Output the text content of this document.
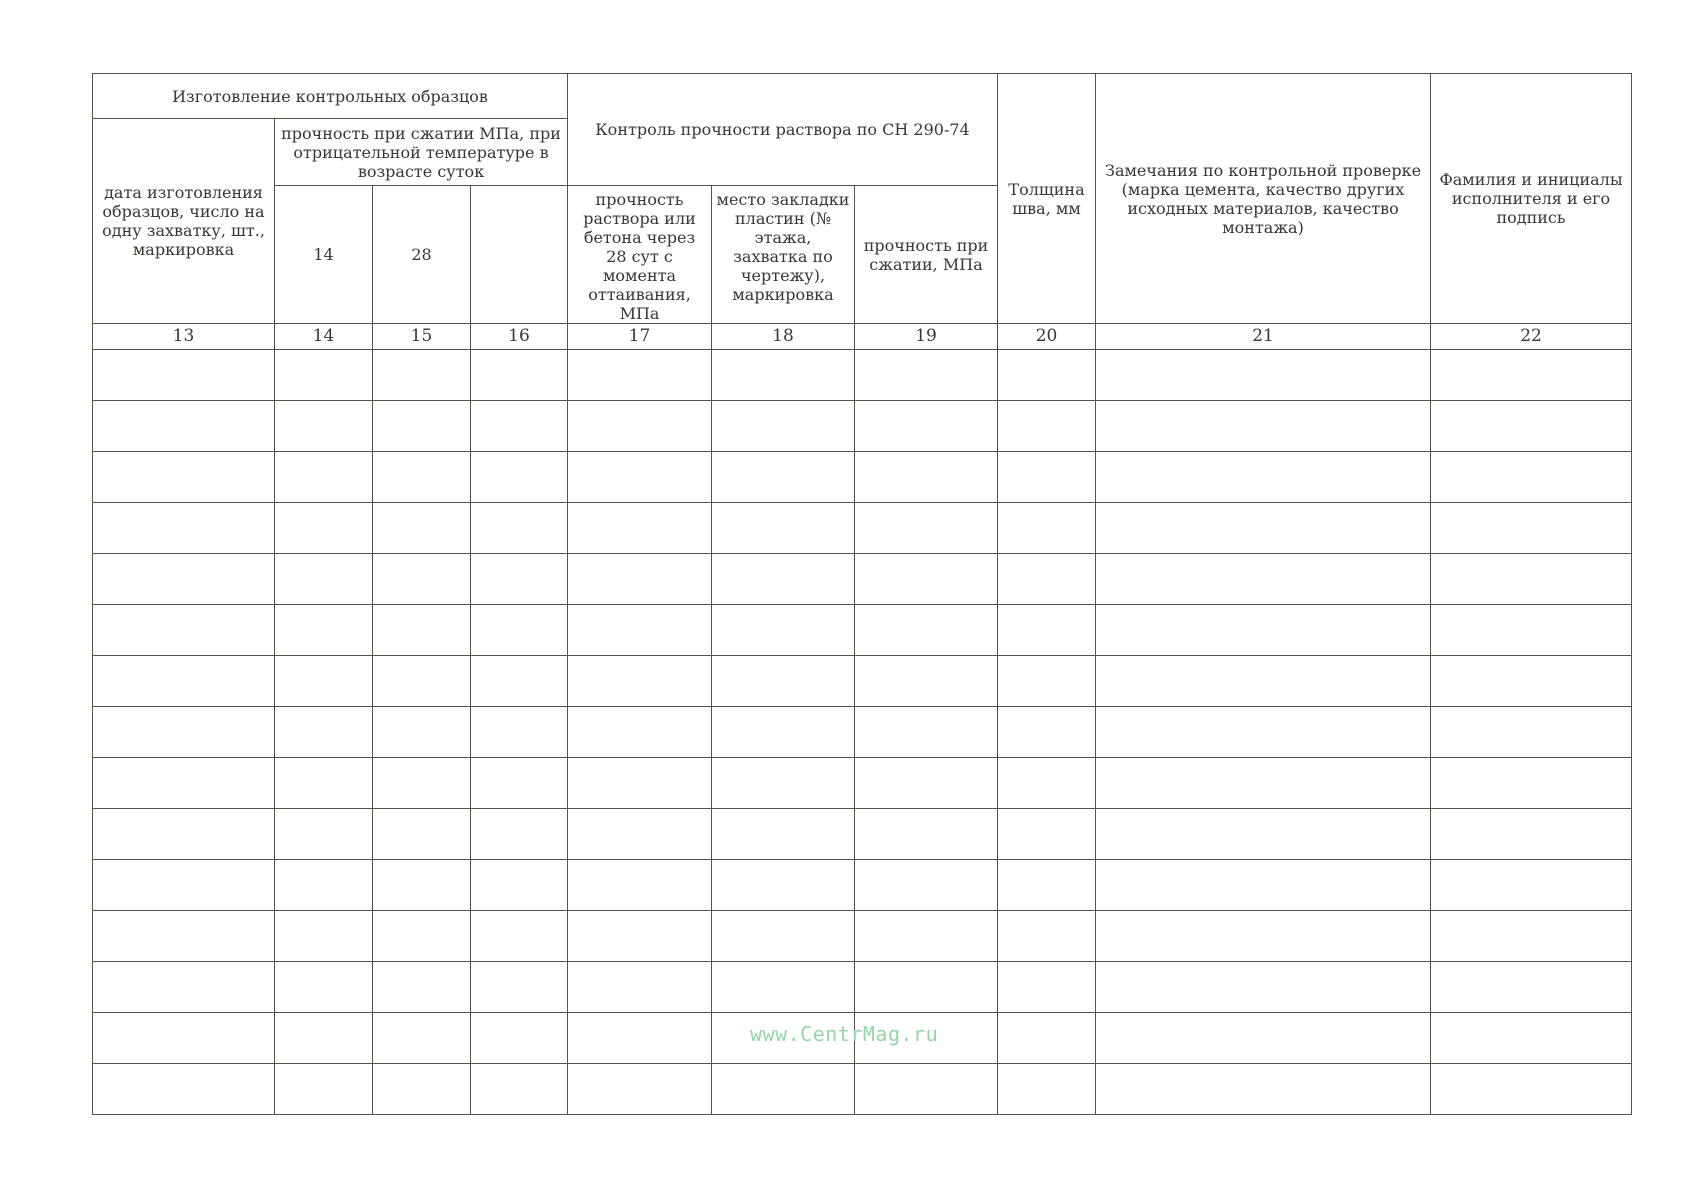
Изготовление контрольных образцов				Контроль прочности раствора по СН 290-74			Толщина шва, мм	Замечания по контрольной проверке (марка цемента, качество других исходных материалов, качество монтажа)	Фамилия и инициалы исполнителя и его подпись
дата изготовления образцов, число на одну захватку, шт., маркировка	прочность при сжатии МПа, при отрицательной температуре в возрасте суток								
	14	28		прочность раствора или бетона через 28 сут с момента оттаивания, МПа	место закладки пластин (№ этажа, захватка по чертежу), маркировка	прочность при сжатии, МПа			
13	14	15	16	17	18	19	20	21	22

www.CentrMag.ru
